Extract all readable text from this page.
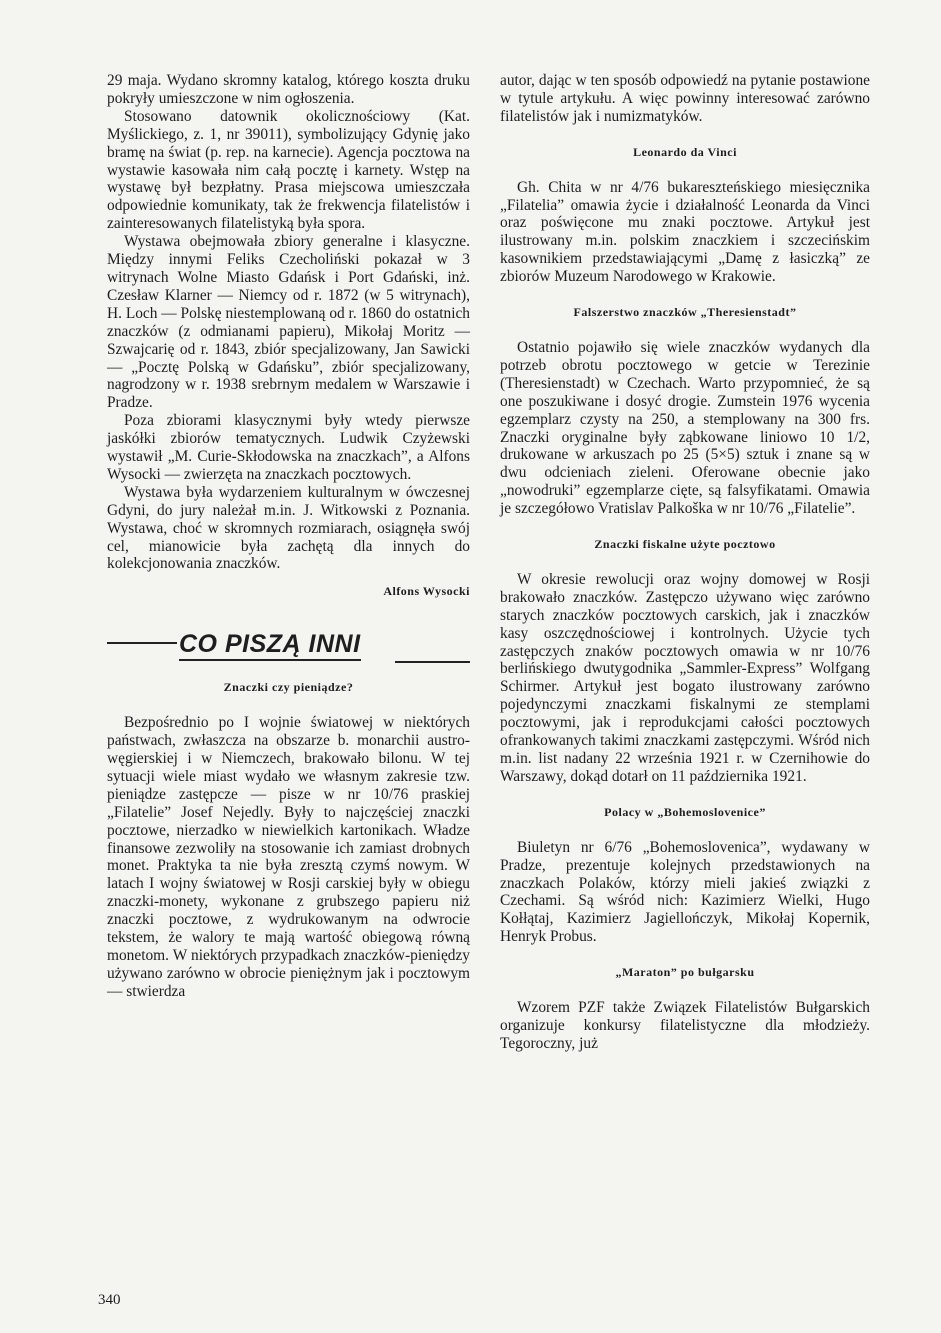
29 maja. Wydano skromny katalog, którego koszta druku pokryły umieszczone w nim ogłoszenia.

Stosowano datownik okolicznościowy (Kat. Myślickiego, z. 1, nr 39011), symbolizujący Gdynię jako bramę na świat (p. rep. na karnecie). Agencja pocztowa na wystawie kasowała nim całą pocztę i karnety. Wstęp na wystawę był bezpłatny. Prasa miejscowa umieszczała odpowiednie komunikaty, tak że frekwencja filatelistów i zainteresowanych filatelistyką była spora.

Wystawa obejmowała zbiory generalne i klasyczne. Między innymi Feliks Czecholiński pokazał w 3 witrynach Wolne Miasto Gdańsk i Port Gdański, inż. Czesław Klarner — Niemcy od r. 1872 (w 5 witrynach), H. Loch — Polskę niestemplowaną od r. 1860 do ostatnich znaczków (z odmianami papieru), Mikołaj Moritz — Szwajcarię od r. 1843, zbiór specjalizowany, Jan Sawicki — „Pocztę Polską w Gdańsku”, zbiór specjalizowany, nagrodzony w r. 1938 srebrnym medalem w Warszawie i Pradze.

Poza zbiorami klasycznymi były wtedy pierwsze jaskółki zbiorów tematycznych. Ludwik Czyżewski wystawił „M. Curie-Skłodowska na znaczkach”, a Alfons Wysocki — zwierzęta na znaczkach pocztowych.

Wystawa była wydarzeniem kulturalnym w ówczesnej Gdyni, do jury należał m.in. J. Witkowski z Poznania. Wystawa, choć w skromnych rozmiarach, osiągnęła swój cel, mianowicie była zachętą dla innych do kolekcjonowania znaczków.

Alfons Wysocki
CO PISZĄ INNI
Znaczki czy pieniądze?

Bezpośrednio po I wojnie światowej w niektórych państwach, zwłaszcza na obszarze b. monarchii austro-węgierskiej i w Niemczech, brakowało bilonu. W tej sytuacji wiele miast wydało we własnym zakresie tzw. pieniądze zastępcze — pisze w nr 10/76 praskiej „Filatelie” Josef Nejedly. Były to najczęściej znaczki pocztowe, nierzadko w niewielkich kartonikach. Władze finansowe zezwoliły na stosowanie ich zamiast drobnych monet. Praktyka ta nie była zresztą czymś nowym. W latach I wojny światowej w Rosji carskiej były w obiegu znaczki-monety, wykonane z grubszego papieru niż znaczki pocztowe, z wydrukowanym na odwrocie tekstem, że walory te mają wartość obiegową równą monetom. W niektórych przypadkach znaczków-pieniędzy używano zarówno w obrocie pieniężnym jak i pocztowym — stwierdza

autor, dając w ten sposób odpowiedź na pytanie postawione w tytule artykułu. A więc powinny interesować zarówno filatelistów jak i numizmatyków.

Leonardo da Vinci

Gh. Chita w nr 4/76 bukareszteńskiego miesięcznika „Filatelia” omawia życie i działalność Leonarda da Vinci oraz poświęcone mu znaki pocztowe. Artykuł jest ilustrowany m.in. polskim znaczkiem i szczecińskim kasownikiem przedstawiającymi „Damę z łasiczką” ze zbiorów Muzeum Narodowego w Krakowie.

Falszerstwo znaczków „Theresienstadt”

Ostatnio pojawiło się wiele znaczków wydanych dla potrzeb obrotu pocztowego w getcie w Terezinie (Theresienstadt) w Czechach. Warto przypomnieć, że są one poszukiwane i dosyć drogie. Zumstein 1976 wycenia egzemplarz czysty na 250, a stemplowany na 300 frs. Znaczki oryginalne były ząbkowane liniowo 10 1/2, drukowane w arkuszach po 25 (5×5) sztuk i znane są w dwu odcieniach zieleni. Oferowane obecnie jako „nowodruki” egzemplarze cięte, są falsyfikatami. Omawia je szczegółowo Vratislav Palkoška w nr 10/76 „Filatelie”.

Znaczki fiskalne użyte pocztowo

W okresie rewolucji oraz wojny domowej w Rosji brakowało znaczków. Zastępczo używano więc zarówno starych znaczków pocztowych carskich, jak i znaczków kasy oszczędnościowej i kontrolnych. Użycie tych zastępczych znaków pocztowych omawia w nr 10/76 berlińskiego dwutygodnika „Sammler-Express” Wolfgang Schirmer. Artykuł jest bogato ilustrowany zarówno pojedynczymi znaczkami fiskalnymi ze stemplami pocztowymi, jak i reprodukcjami całości pocztowych ofrankowanych takimi znaczkami zastępczymi. Wśród nich m.in. list nadany 22 września 1921 r. w Czernihowie do Warszawy, dokąd dotarł on 11 października 1921.

Polacy w „Bohemoslovenice”

Biuletyn nr 6/76 „Bohemoslovenica”, wydawany w Pradze, prezentuje kolejnych przedstawionych na znaczkach Polaków, którzy mieli jakieś związki z Czechami. Są wśród nich: Kazimierz Wielki, Hugo Kołłątaj, Kazimierz Jagiellończyk, Mikołaj Kopernik, Henryk Probus.

„Maraton” po bułgarsku

Wzorem PZF także Związek Filatelistów Bułgarskich organizuje konkursy filatelistyczne dla młodzieży. Tegoroczny, już

340
